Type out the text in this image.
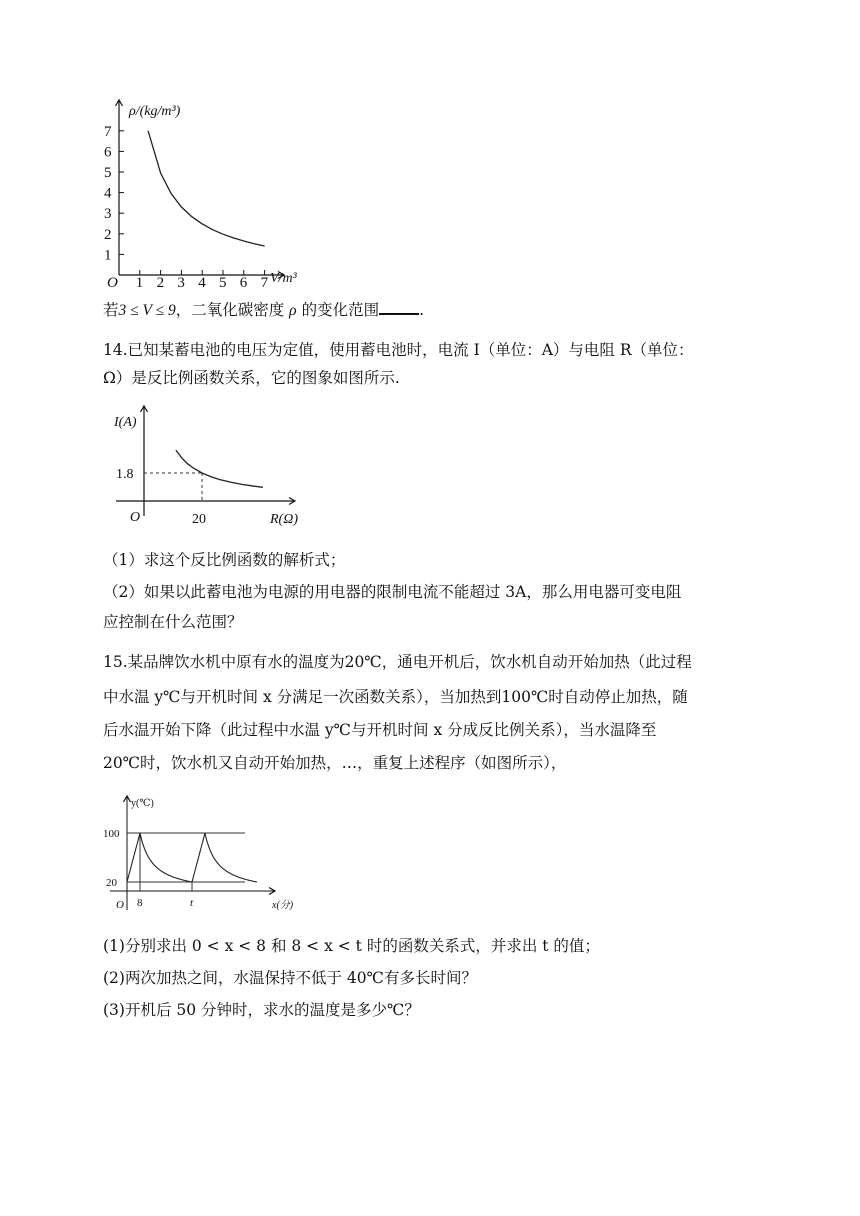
O 1 2 3 4 5 6 7
1
2
3
4
5
6
7
V/m³
ρ/(kg/m³)
若3 ≤ V ≤ 9，二氧化碳密度 ρ 的变化范围	.
14.已知某蓄电池的电压为定值，使用蓄电池时，电流 I（单位：A）与电阻 R（单位：
Ω）是反比例函数关系，它的图象如图所示.
I(A)
R(Ω)
O
1.8
20
（1）求这个反比例函数的解析式；
（2）如果以此蓄电池为电源的用电器的限制电流不能超过 3A，那么用电器可变电阻
应控制在什么范围？
15.某品牌饮水机中原有水的温度为20℃，通电开机后，饮水机自动开始加热（此过程
中水温 y℃与开机时间 x 分满足一次函数关系），当加热到100℃时自动停止加热，随
后水温开始下降（此过程中水温 y℃与开机时间 x 分成反比例关系），当水温降至
20℃时，饮水机又自动开始加热，…，重复上述程序（如图所示），
y(℃)
x(分)
O
100
20
8	t
(1)分别求出 0 < x < 8 和 8 < x < t 时的函数关系式，并求出 t 的值；
(2)两次加热之间，水温保持不低于 40℃有多长时间？
(3)开机后 50 分钟时，求水的温度是多少℃？
